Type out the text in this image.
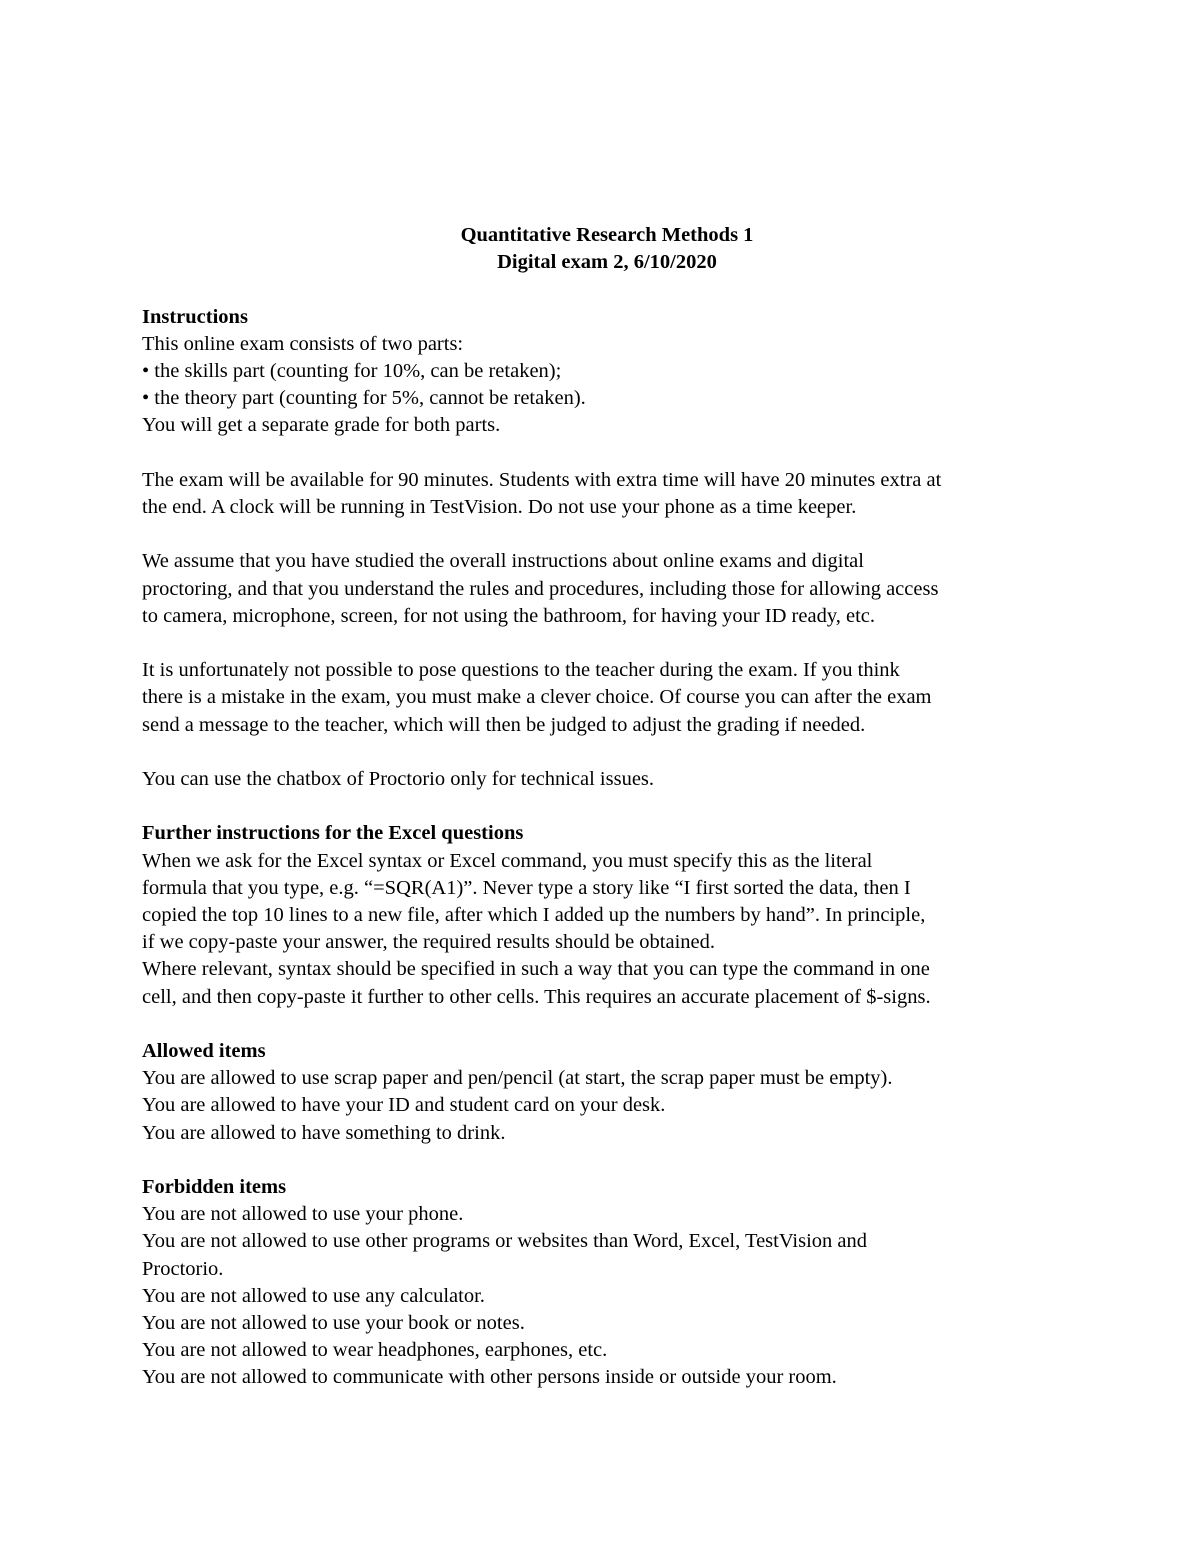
Quantitative Research Methods 1
Digital exam 2, 6/10/2020
Instructions
This online exam consists of two parts:
• the skills part (counting for 10%, can be retaken);
• the theory part (counting for 5%, cannot be retaken).
You will get a separate grade for both parts.
The exam will be available for 90 minutes. Students with extra time will have 20 minutes extra at
the end. A clock will be running in TestVision. Do not use your phone as a time keeper.
We assume that you have studied the overall instructions about online exams and digital
proctoring, and that you understand the rules and procedures, including those for allowing access
to camera, microphone, screen, for not using the bathroom, for having your ID ready, etc.
It is unfortunately not possible to pose questions to the teacher during the exam. If you think
there is a mistake in the exam, you must make a clever choice. Of course you can after the exam
send a message to the teacher, which will then be judged to adjust the grading if needed.
You can use the chatbox of Proctorio only for technical issues.
Further instructions for the Excel questions
When we ask for the Excel syntax or Excel command, you must specify this as the literal
formula that you type, e.g. “=SQR(A1)”. Never type a story like “I first sorted the data, then I
copied the top 10 lines to a new file, after which I added up the numbers by hand”. In principle,
if we copy-paste your answer, the required results should be obtained.
Where relevant, syntax should be specified in such a way that you can type the command in one
cell, and then copy-paste it further to other cells. This requires an accurate placement of $-signs.
Allowed items
You are allowed to use scrap paper and pen/pencil (at start, the scrap paper must be empty).
You are allowed to have your ID and student card on your desk.
You are allowed to have something to drink.
Forbidden items
You are not allowed to use your phone.
You are not allowed to use other programs or websites than Word, Excel, TestVision and
Proctorio.
You are not allowed to use any calculator.
You are not allowed to use your book or notes.
You are not allowed to wear headphones, earphones, etc.
You are not allowed to communicate with other persons inside or outside your room.
